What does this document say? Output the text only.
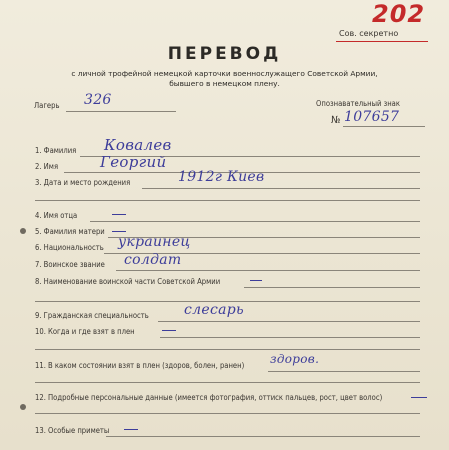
202
Сов. секретно
ПЕРЕВОД
с личной трофейной немецкой карточки военнослужащего Советской Армии,
бывшего в немецком плену.
Лагерь 326	Опознавательный знак
№ 107657
1. Фамилия Ковалев
2. Имя	Георгий
3. Дата и место рождения	1912г Киев
4. Имя отца
5. Фамилия матери
6. Национальность украинец
7. Воинское звание солдат
8. Наименование воинской части Советской Армии
9. Гражданская специальность	слесарь
10. Когда и где взят в плен
11. В каком состоянии взят в плен (здоров, болен, ранен) здоров.
12. Подробные персональные данные (имеется фотография, оттиск пальцев, рост, цвет волос)
13. Особые приметы
